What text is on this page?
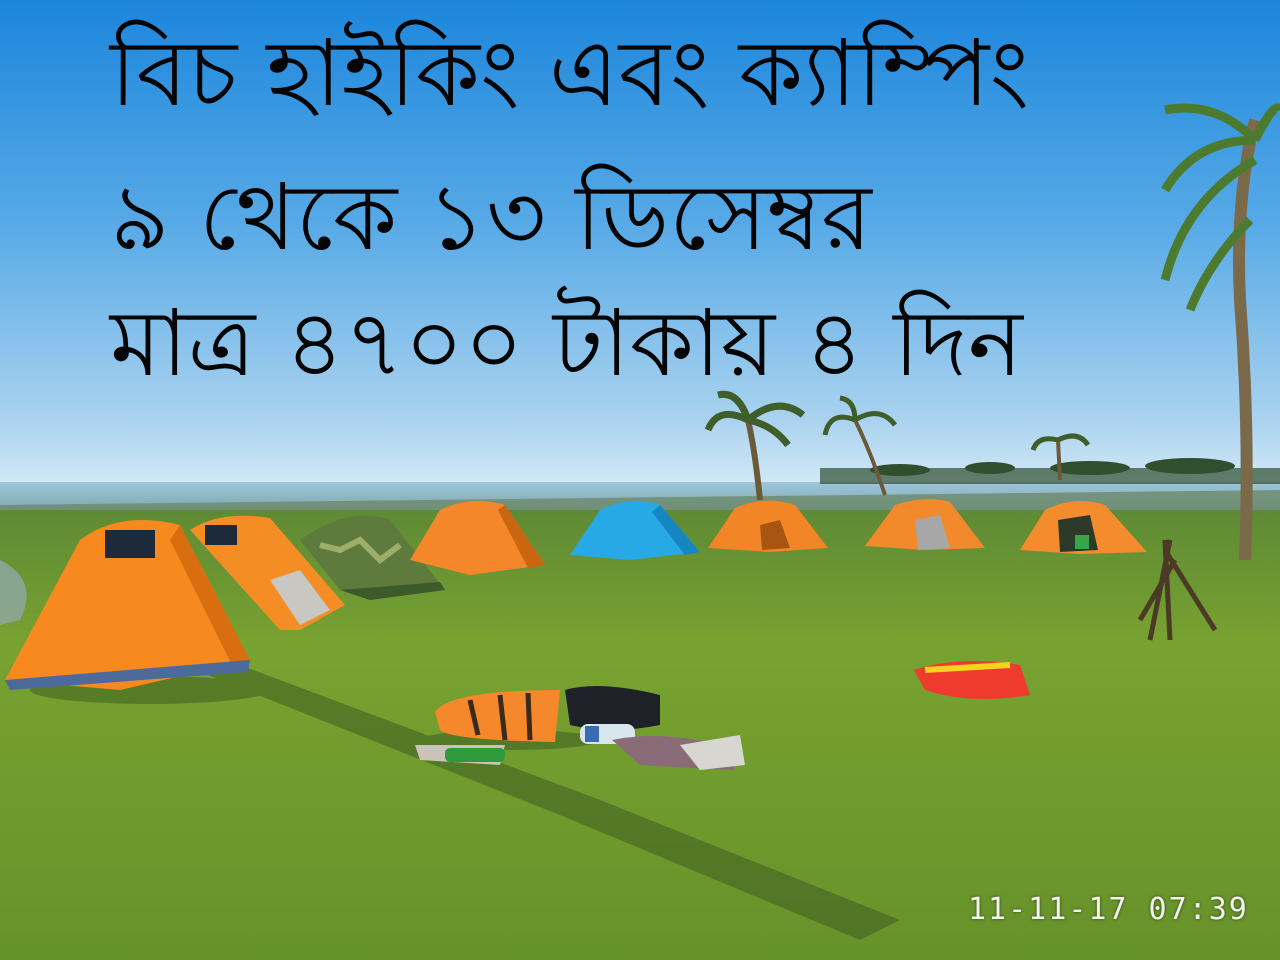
বিচ হাইকিং এবং ক্যাম্পিং
৯ থেকে ১৩ ডিসেম্বর
মাত্র ৪৭০০ টাকায় ৪ দিন
11-11-17 07:39
